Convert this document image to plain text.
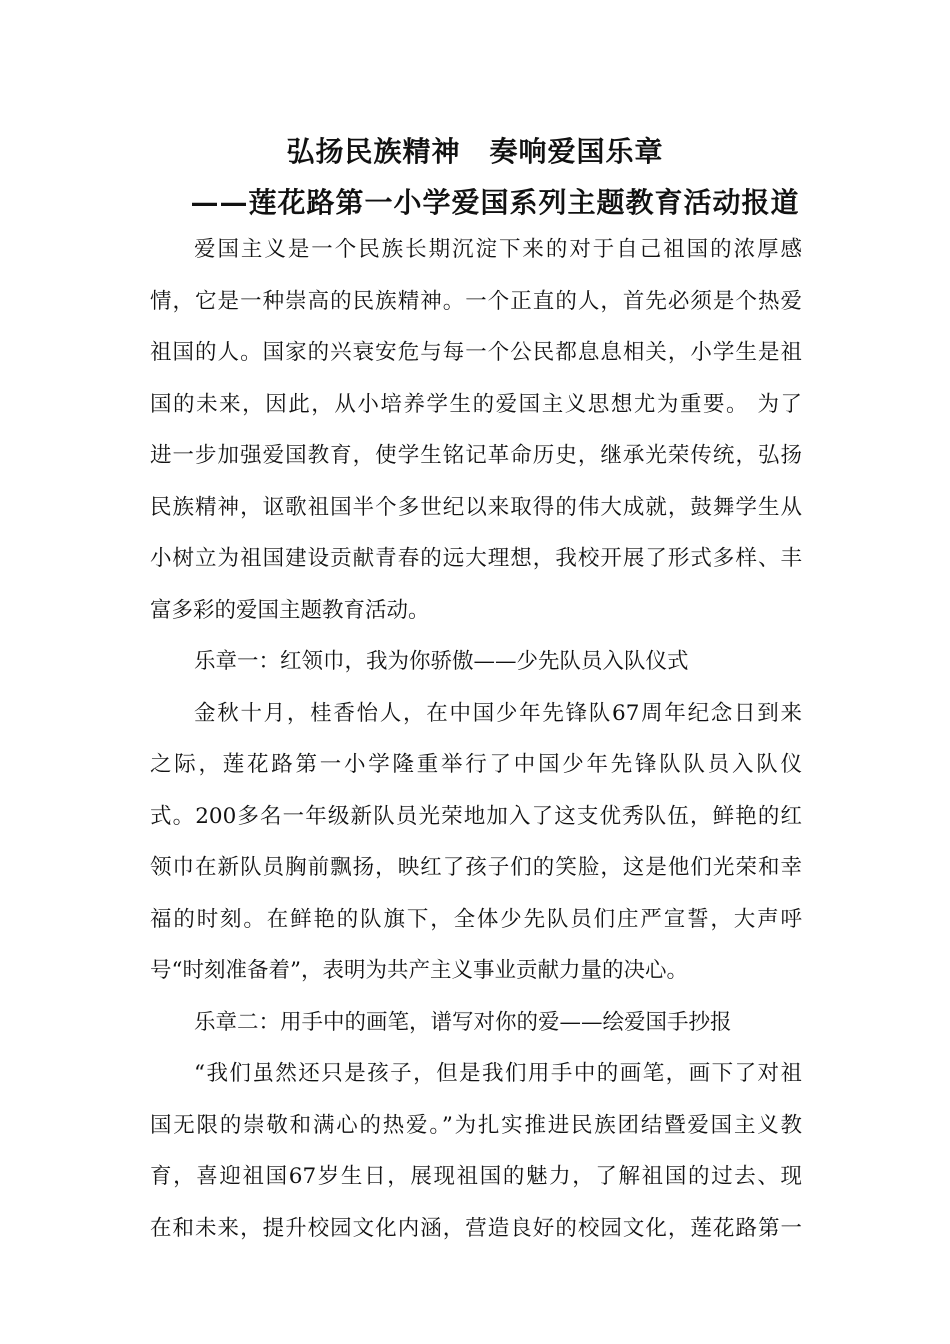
弘扬民族精神　奏响爱国乐章
——莲花路第一小学爱国系列主题教育活动报道
爱国主义是一个民族长期沉淀下来的对于自己祖国的浓厚感
情，它是一种崇高的民族精神。一个正直的人，首先必须是个热爱
祖国的人。国家的兴衰安危与每一个公民都息息相关，小学生是祖
国的未来，因此，从小培养学生的爱国主义思想尤为重要。 为了
进一步加强爱国教育，使学生铭记革命历史，继承光荣传统，弘扬
民族精神，讴歌祖国半个多世纪以来取得的伟大成就，鼓舞学生从
小树立为祖国建设贡献青春的远大理想，我校开展了形式多样、丰
富多彩的爱国主题教育活动。
乐章一：红领巾，我为你骄傲——少先队员入队仪式
金秋十月，桂香怡人，在中国少年先锋队67周年纪念日到来
之际，莲花路第一小学隆重举行了中国少年先锋队队员入队仪
式。200多名一年级新队员光荣地加入了这支优秀队伍，鲜艳的红
领巾在新队员胸前飘扬，映红了孩子们的笑脸，这是他们光荣和幸
福的时刻。在鲜艳的队旗下，全体少先队员们庄严宣誓，大声呼
号“时刻准备着”，表明为共产主义事业贡献力量的决心。
乐章二：用手中的画笔，谱写对你的爱——绘爱国手抄报
“我们虽然还只是孩子，但是我们用手中的画笔，画下了对祖
国无限的崇敬和满心的热爱。”为扎实推进民族团结暨爱国主义教
育，喜迎祖国67岁生日，展现祖国的魅力，了解祖国的过去、现
在和未来，提升校园文化内涵，营造良好的校园文化，莲花路第一
